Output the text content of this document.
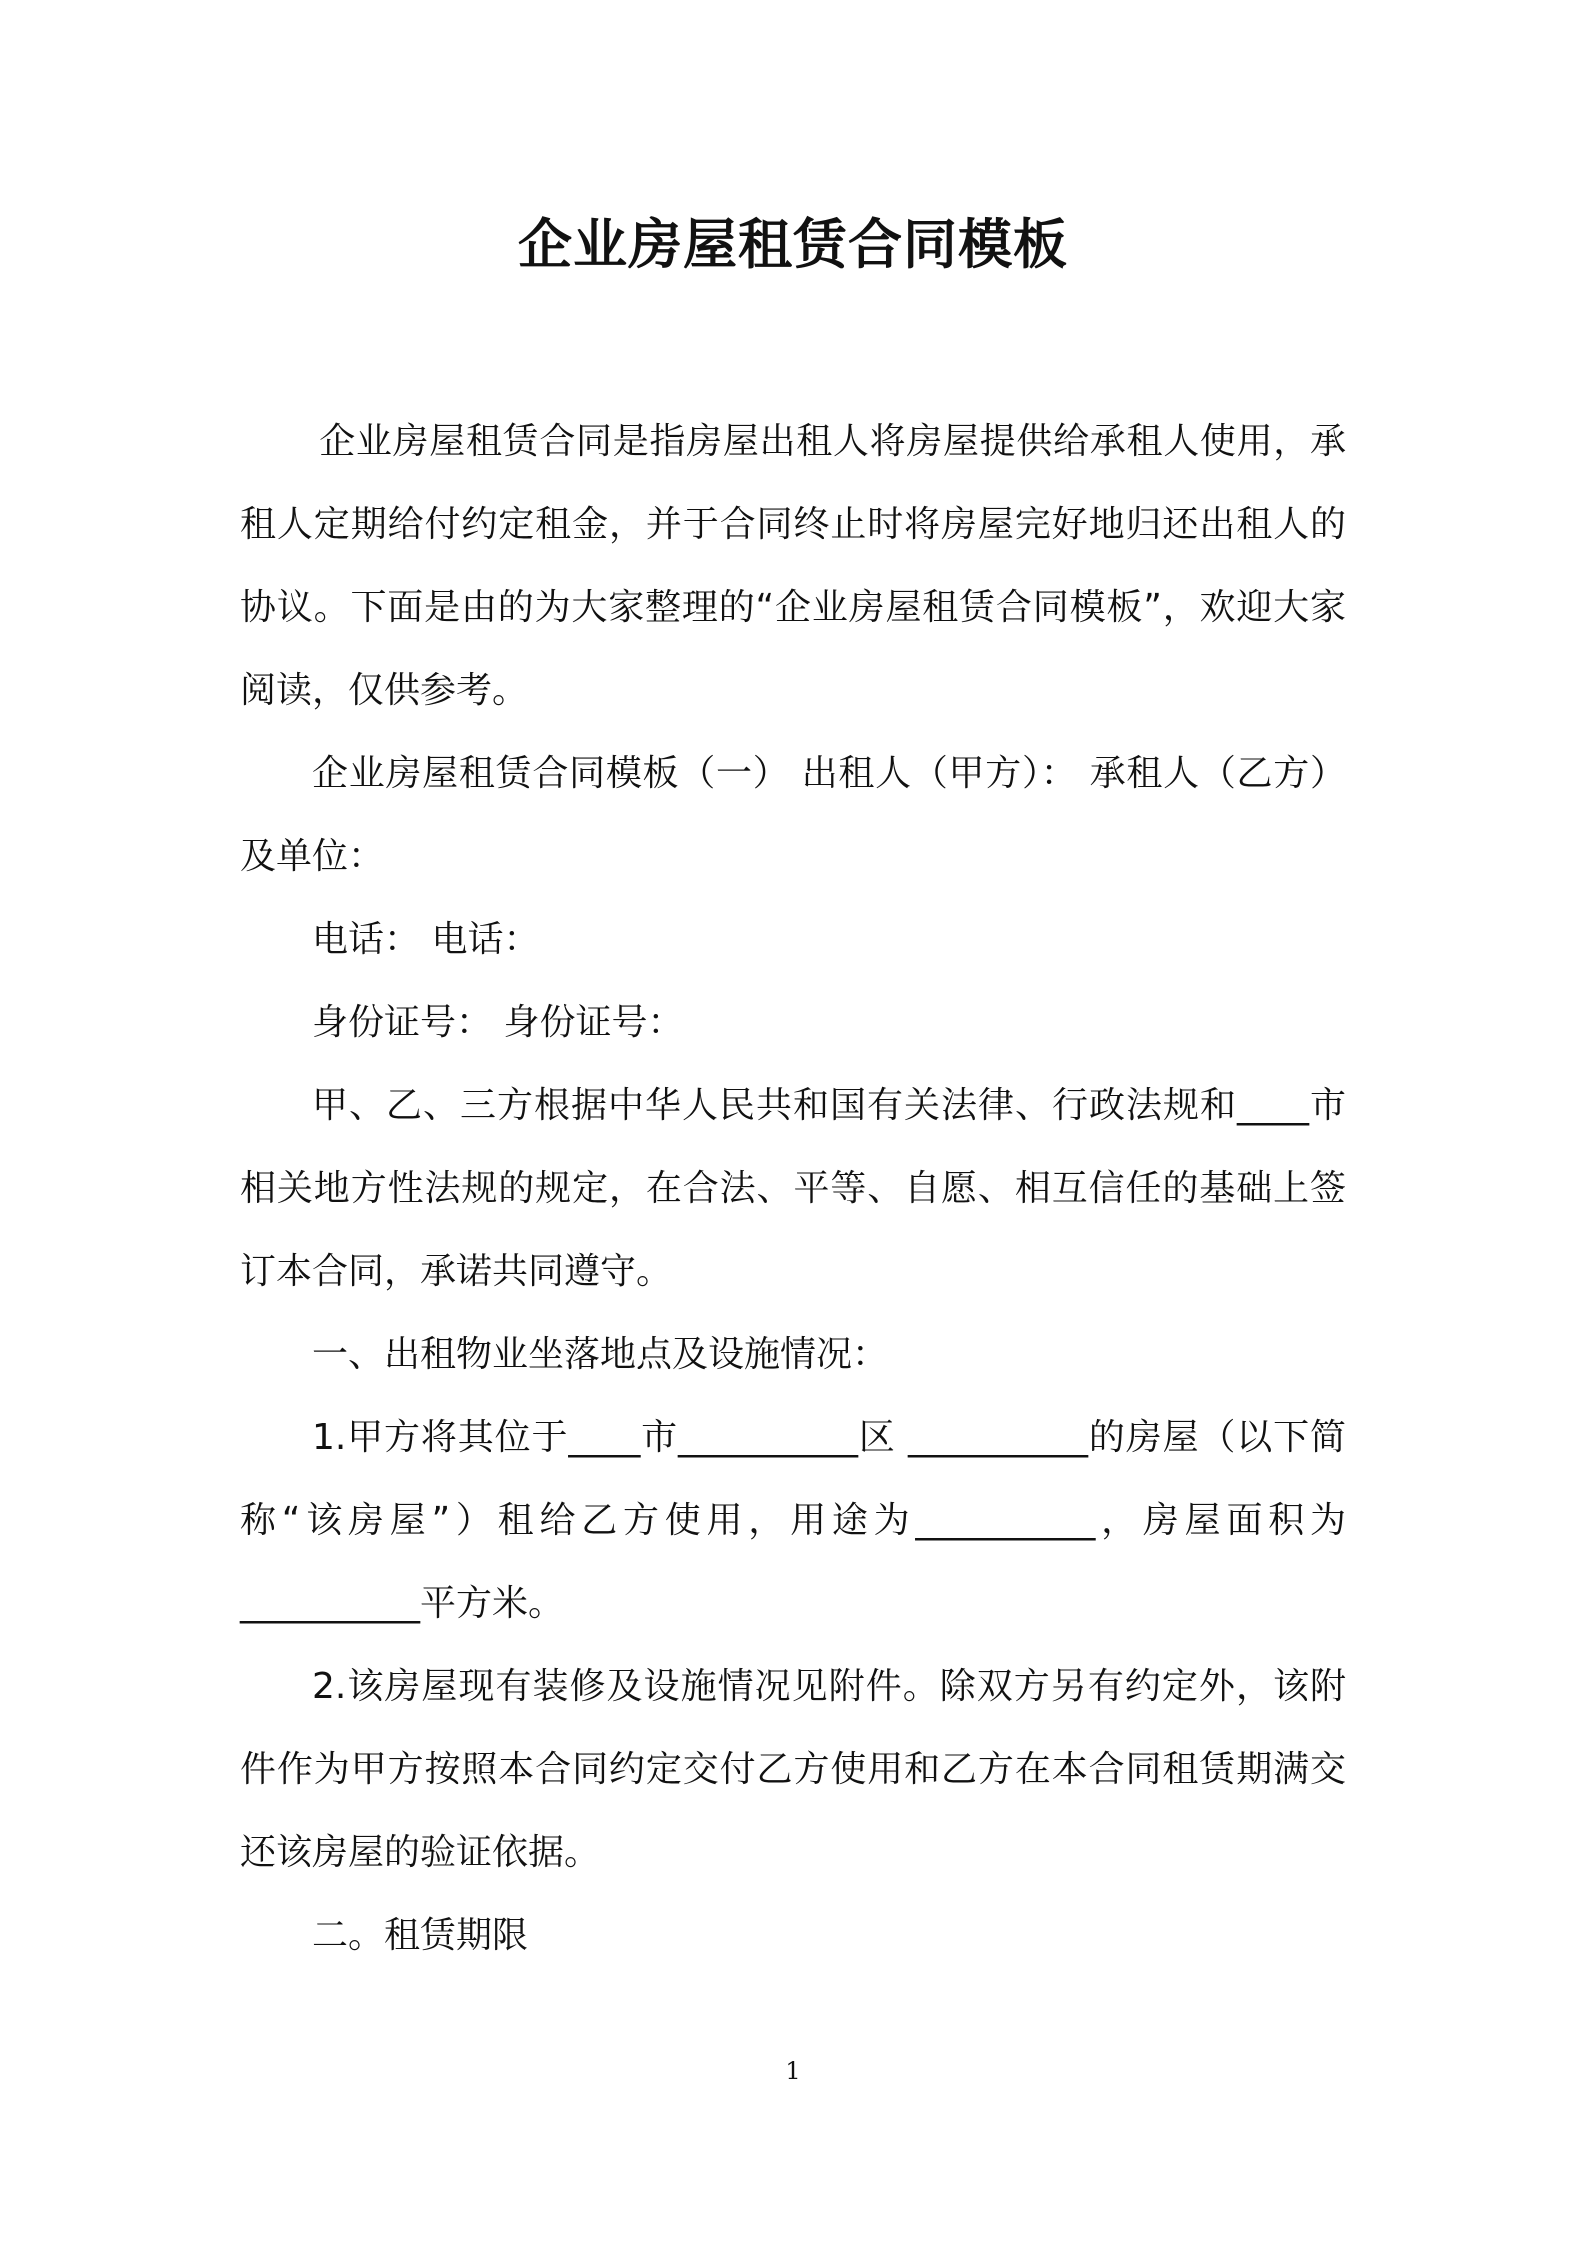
企业房屋租赁合同模板

企业房屋租赁合同是指房屋出租人将房屋提供给承租人使用，承租人定期给付约定租金，并于合同终止时将房屋完好地归还出租人的协议。下面是由的为大家整理的“企业房屋租赁合同模板”，欢迎大家阅读，仅供参考。

企业房屋租赁合同模板（一） 出租人（甲方）： 承租人（乙方）及单位：

电话： 电话：

身份证号： 身份证号：

甲、乙、三方根据中华人民共和国有关法律、行政法规和____市相关地方性法规的规定，在合法、平等、自愿、相互信任的基础上签订本合同，承诺共同遵守。

一、出租物业坐落地点及设施情况：

1.甲方将其位于____市__________区 __________的房屋（以下简称“该房屋”）租给乙方使用，用途为__________，房屋面积为__________平方米。

2.该房屋现有装修及设施情况见附件。除双方另有约定外，该附件作为甲方按照本合同约定交付乙方使用和乙方在本合同租赁期满交还该房屋的验证依据。

二。租赁期限

1
